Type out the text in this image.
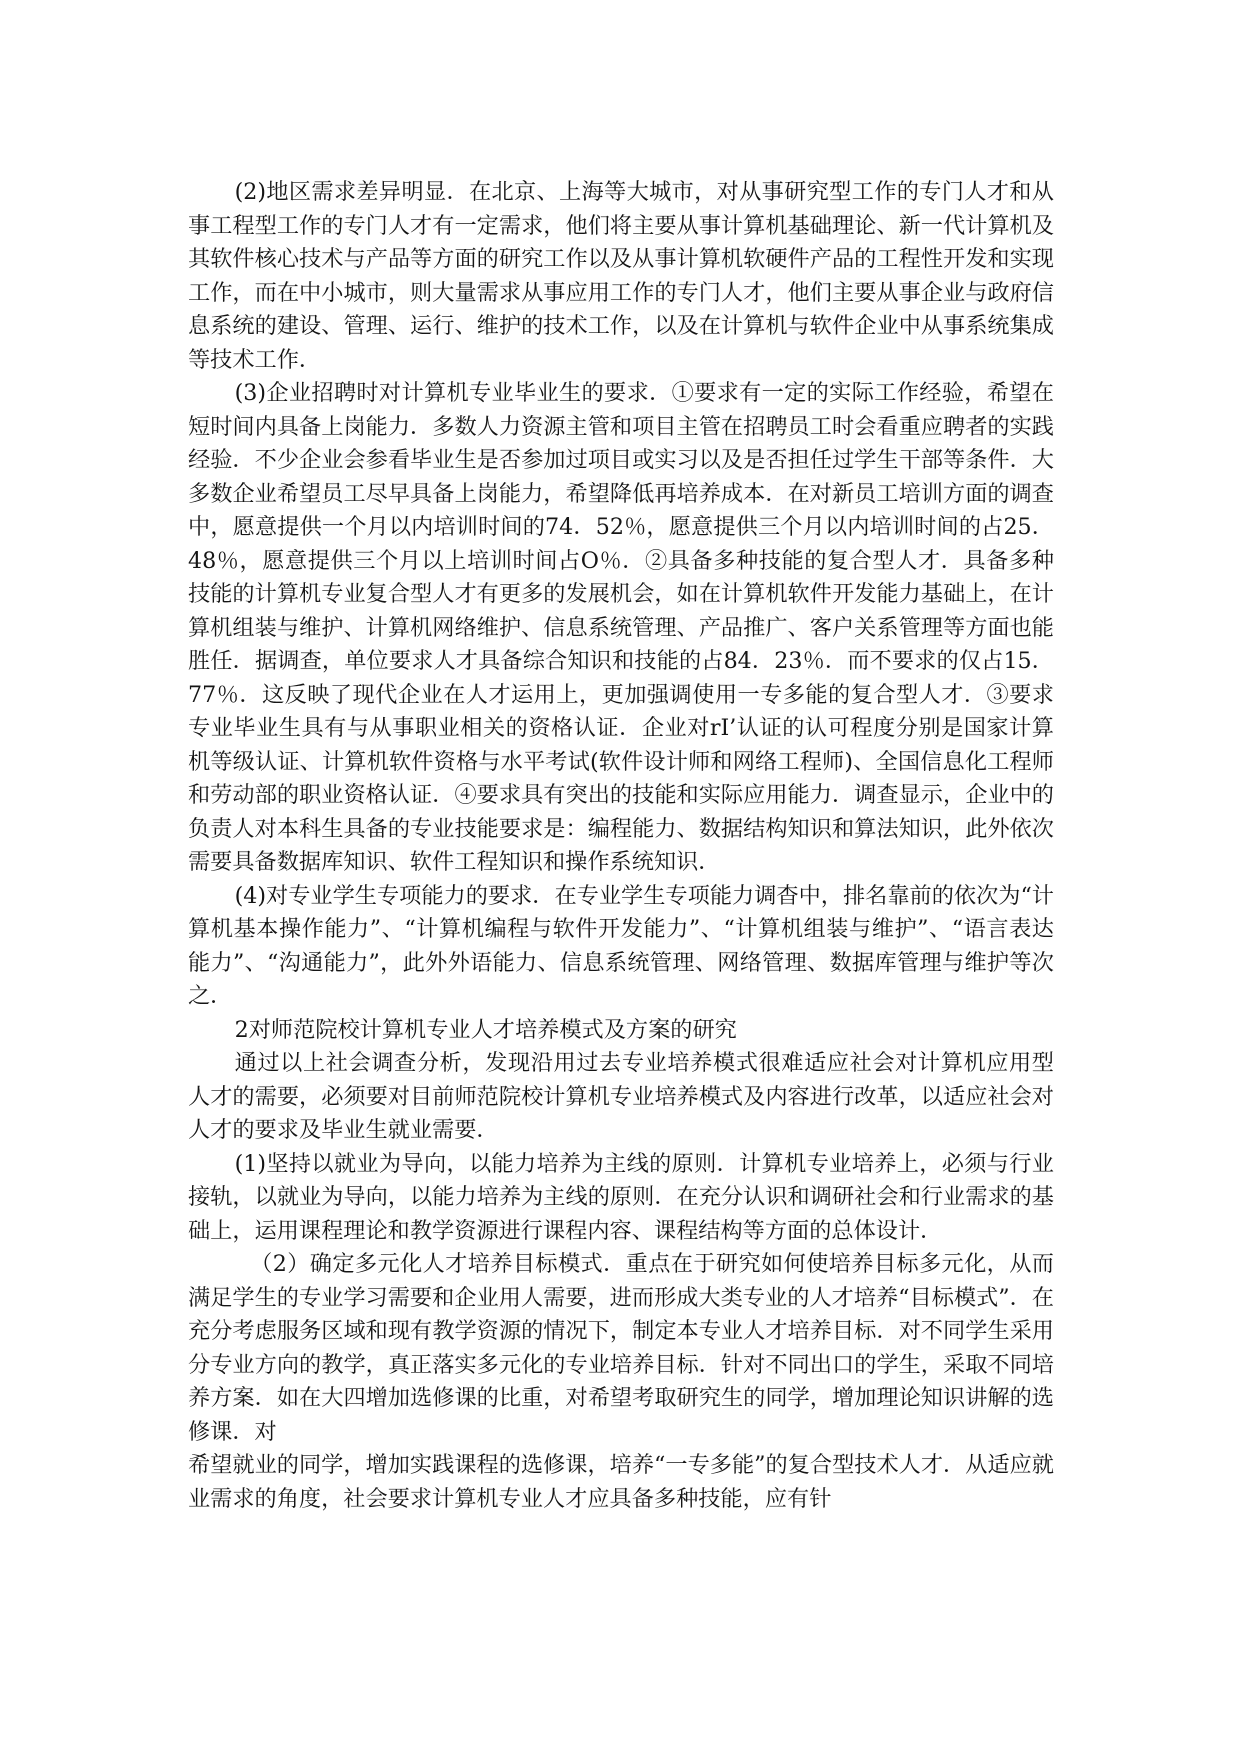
(2)地区需求差异明显．在北京、上海等大城市，对从事研究型工作的专门人才和从事工程型工作的专门人才有一定需求，他们将主要从事计算机基础理论、新一代计算机及其软件核心技术与产品等方面的研究工作以及从事计算机软硬件产品的工程性开发和实现工作，而在中小城市，则大量需求从事应用工作的专门人才，他们主要从事企业与政府信息系统的建设、管理、运行、维护的技术工作，以及在计算机与软件企业中从事系统集成等技术工作．

(3)企业招聘时对计算机专业毕业生的要求．①要求有一定的实际工作经验，希望在短时间内具备上岗能力．多数人力资源主管和项目主管在招聘员工时会看重应聘者的实践经验．不少企业会参看毕业生是否参加过项目或实习以及是否担任过学生干部等条件．大多数企业希望员工尽早具备上岗能力，希望降低再培养成本．在对新员工培训方面的调查中，愿意提供一个月以内培训时间的74．52％，愿意提供三个月以内培训时间的占25．48％，愿意提供三个月以上培训时间占O％．②具备多种技能的复合型人才．具备多种技能的计算机专业复合型人才有更多的发展机会，如在计算机软件开发能力基础上，在计算机组装与维护、计算机网络维护、信息系统管理、产品推广、客户关系管理等方面也能胜任．据调查，单位要求人才具备综合知识和技能的占84．23％．而不要求的仅占15．77％．这反映了现代企业在人才运用上，更加强调使用一专多能的复合型人才．③要求专业毕业生具有与从事职业相关的资格认证．企业对rI’认证的认可程度分别是国家计算机等级认证、计算机软件资格与水平考试(软件设计师和网络工程师)、全国信息化工程师和劳动部的职业资格认证．④要求具有突出的技能和实际应用能力．调查显示，企业中的负责人对本科生具备的专业技能要求是：编程能力、数据结构知识和算法知识，此外依次需要具备数据库知识、软件工程知识和操作系统知识．

(4)对专业学生专项能力的要求．在专业学生专项能力调杳中，排名靠前的依次为“计算机基本操作能力”、“计算机编程与软件开发能力”、“计算机组装与维护”、“语言表达能力”、“沟通能力”，此外外语能力、信息系统管理、网络管理、数据库管理与维护等次之．

2对师范院校计算机专业人才培养模式及方案的研究

通过以上社会调查分析，发现沿用过去专业培养模式很难适应社会对计算机应用型人才的需要，必须要对目前师范院校计算机专业培养模式及内容进行改革，以适应社会对人才的要求及毕业生就业需要．

(1)坚持以就业为导向，以能力培养为主线的原则．计算机专业培养上，必须与行业接轨，以就业为导向，以能力培养为主线的原则．在充分认识和调研社会和行业需求的基础上，运用课程理论和教学资源进行课程内容、课程结构等方面的总体设计．

（2）确定多元化人才培养目标模式．重点在于研究如何使培养目标多元化，从而满足学生的专业学习需要和企业用人需要，进而形成大类专业的人才培养“目标模式”．在充分考虑服务区域和现有教学资源的情况下，制定本专业人才培养目标．对不同学生采用分专业方向的教学，真正落实多元化的专业培养目标．针对不同出口的学生，采取不同培养方案．如在大四增加选修课的比重，对希望考取研究生的同学，增加理论知识讲解的选修课．对

希望就业的同学，增加实践课程的选修课，培养“一专多能”的复合型技术人才．从适应就业需求的角度，社会要求计算机专业人才应具备多种技能，应有针
